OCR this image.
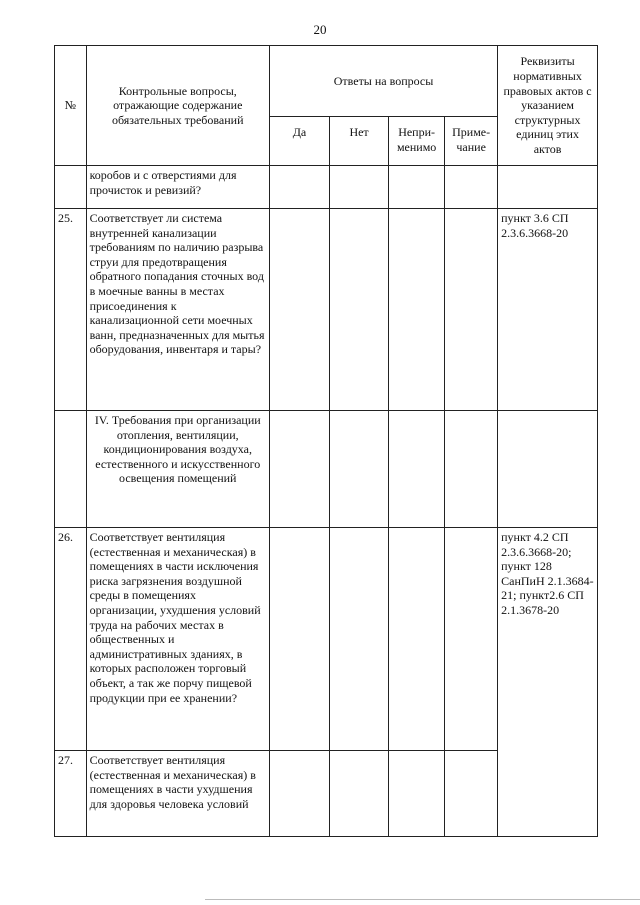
20
№	Контрольные вопросы, отражающие содержание обязательных требований	Ответы на вопросы				Реквизиты нормативных правовых актов с указанием структурных единиц этих актов
		Да	Нет	Непри-менимо	Приме-чание	
	коробов и с отверстиями для прочисток и ревизий?					
25.	Соответствует ли система внутренней канализации требованиям по наличию разрыва струи для предотвращения обратного попадания сточных вод в моечные ванны в местах присоединения к канализационной сети моечных ванн, предназначенных для мытья оборудования, инвентаря и тары?					пункт 3.6 СП 2.3.6.3668-20
	IV. Требования при организации отопления, вентиляции, кондиционирования воздуха, естественного и искусственного освещения помещений					
26.	Соответствует вентиляция (естественная и механическая) в помещениях в части исключения риска загрязнения воздушной среды в помещениях организации, ухудшения условий труда на рабочих местах в общественных и административных зданиях, в которых расположен торговый объект, а так же порчу пищевой продукции при ее хранении?					пункт 4.2 СП 2.3.6.3668-20; пункт 128 СанПиН 2.1.3684-21; пункт2.6 СП 2.1.3678-20
27.	Соответствует вентиляция (естественная и механическая) в помещениях в части ухудшения для здоровья человека условий					
